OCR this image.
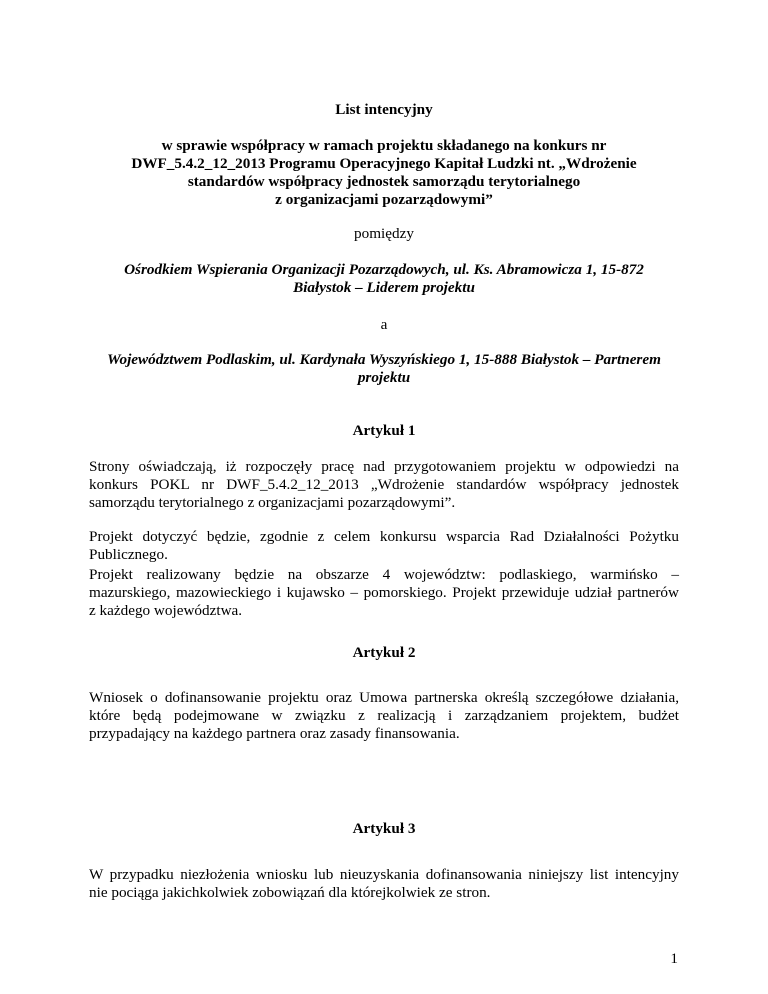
List intencyjny
w sprawie współpracy w ramach projektu składanego na konkurs nr
DWF_5.4.2_12_2013 Programu Operacyjnego Kapitał Ludzki nt. „Wdrożenie
standardów współpracy jednostek samorządu terytorialnego
z organizacjami pozarządowymi”
pomiędzy
Ośrodkiem Wspierania Organizacji Pozarządowych, ul. Ks. Abramowicza 1, 15-872
Białystok – Liderem projektu
a
Województwem Podlaskim, ul. Kardynała Wyszyńskiego 1, 15-888 Białystok – Partnerem
projektu
Artykuł 1
Strony oświadczają, iż rozpoczęły pracę nad przygotowaniem projektu w odpowiedzi na
konkurs POKL nr DWF_5.4.2_12_2013 „Wdrożenie standardów współpracy jednostek
samorządu terytorialnego z organizacjami pozarządowymi”.
Projekt dotyczyć będzie, zgodnie z celem konkursu wsparcia Rad Działalności Pożytku
Publicznego.
Projekt realizowany będzie na obszarze 4 województw: podlaskiego, warmińsko –
mazurskiego, mazowieckiego i kujawsko – pomorskiego. Projekt przewiduje udział partnerów
z każdego województwa.
Artykuł 2
Wniosek o dofinansowanie projektu oraz Umowa partnerska określą szczegółowe działania,
które będą podejmowane w związku z realizacją i zarządzaniem projektem, budżet
przypadający na każdego partnera oraz zasady finansowania.
Artykuł 3
W przypadku niezłożenia wniosku lub nieuzyskania dofinansowania niniejszy list intencyjny
nie pociąga jakichkolwiek zobowiązań dla którejkolwiek ze stron.
1
